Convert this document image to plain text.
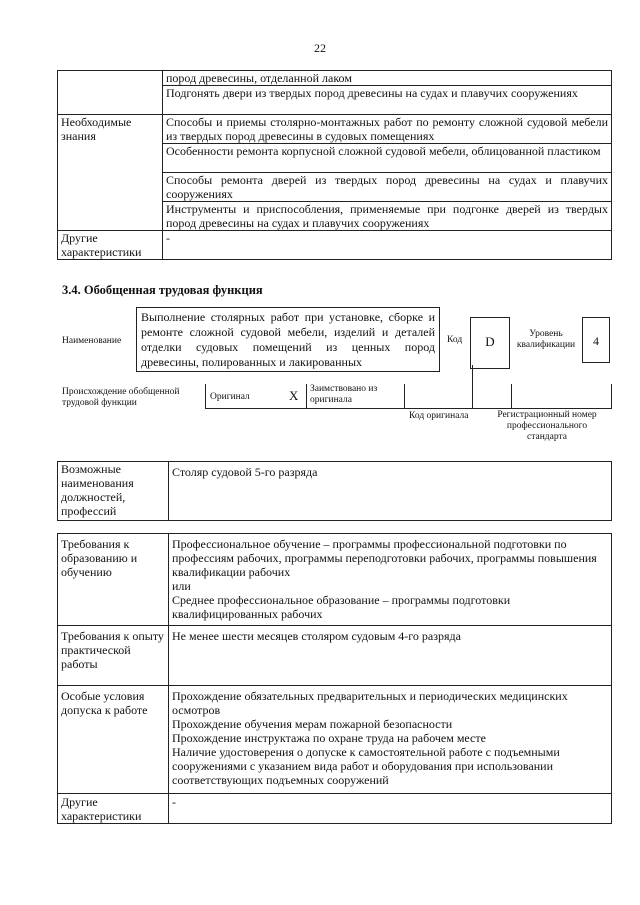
22
	пород древесины, отделанной лаком
	Подгонять двери из твердых пород древесины на судах и плавучих сооружениях
Необходимые знания	Способы и приемы столярно-монтажных работ по ремонту сложной судовой мебели из твердых пород древесины в судовых помещениях
	Особенности ремонта корпусной сложной судовой мебели, облицованной пластиком
	Способы ремонта дверей из твердых пород древесины на судах и плавучих сооружениях
	Инструменты и приспособления, применяемые при подгонке дверей из твердых пород древесины на судах и плавучих сооружениях
Другие характеристики	-
3.4. Обобщенная трудовая функция
Наименование
Выполнение столярных работ при установке, сборке и ремонте сложной судовой мебели, изделий и деталей отделки судовых помещений из ценных пород древесины, полированных и лакированных
Код	D	Уровень квалификации	4
Происхождение обобщенной трудовой функции
Оригинал	X Заимствовано из оригинала
Код оригинала	Регистрационный номер профессионального стандарта
Возможные наименования должностей, профессий	Столяр судовой 5-го разряда
Требования к образованию и обучению	Профессиональное обучение – программы профессиональной подготовки по профессиям рабочих, программы переподготовки рабочих, программы повышения квалификации рабочих
или
Среднее профессиональное образование – программы подготовки квалифицированных рабочих

Требования к опыту практической работы	Не менее шести месяцев столяром судовым 4-го разряда

Особые условия допуска к работе	Прохождение обязательных предварительных и периодических медицинских осмотров
Прохождение обучения мерам пожарной безопасности
Прохождение инструктажа по охране труда на рабочем месте
Наличие удостоверения о допуске к самостоятельной работе с подъемными сооружениями с указанием вида работ и оборудования при использовании соответствующих подъемных сооружений

Другие характеристики	-
